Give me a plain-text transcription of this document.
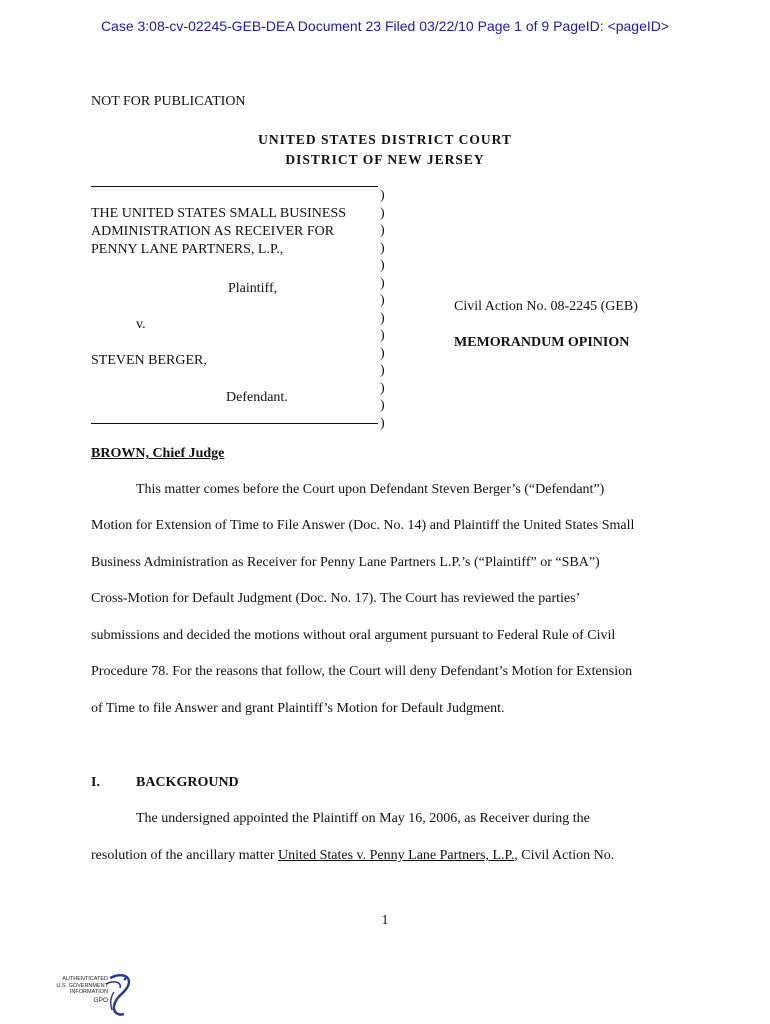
Case 3:08-cv-02245-GEB-DEA Document 23 Filed 03/22/10 Page 1 of 9 PageID: <pageID>
NOT FOR PUBLICATION
UNITED STATES DISTRICT COURT
DISTRICT OF NEW JERSEY
THE UNITED STATES SMALL BUSINESS
ADMINISTRATION AS RECEIVER FOR
PENNY LANE PARTNERS, L.P.,
Plaintiff,
v.
STEVEN BERGER,
Defendant.
)
)
)
)
)
)
)
)
)
)
)
)
)
)
Civil Action No. 08-2245 (GEB)
MEMORANDUM OPINION
BROWN, Chief Judge
This matter comes before the Court upon Defendant Steven Berger’s (“Defendant”)
Motion for Extension of Time to File Answer (Doc. No. 14) and Plaintiff the United States Small
Business Administration as Receiver for Penny Lane Partners L.P.’s (“Plaintiff” or “SBA”)
Cross-Motion for Default Judgment (Doc. No. 17). The Court has reviewed the parties’
submissions and decided the motions without oral argument pursuant to Federal Rule of Civil
Procedure 78. For the reasons that follow, the Court will deny Defendant’s Motion for Extension
of Time to file Answer and grant Plaintiff’s Motion for Default Judgment.
I.	BACKGROUND
The undersigned appointed the Plaintiff on May 16, 2006, as Receiver during the
resolution of the ancillary matter United States v. Penny Lane Partners, L.P., Civil Action No.
1
AUTHENTICATED
U.S. GOVERNMENT
INFORMATION
GPO
